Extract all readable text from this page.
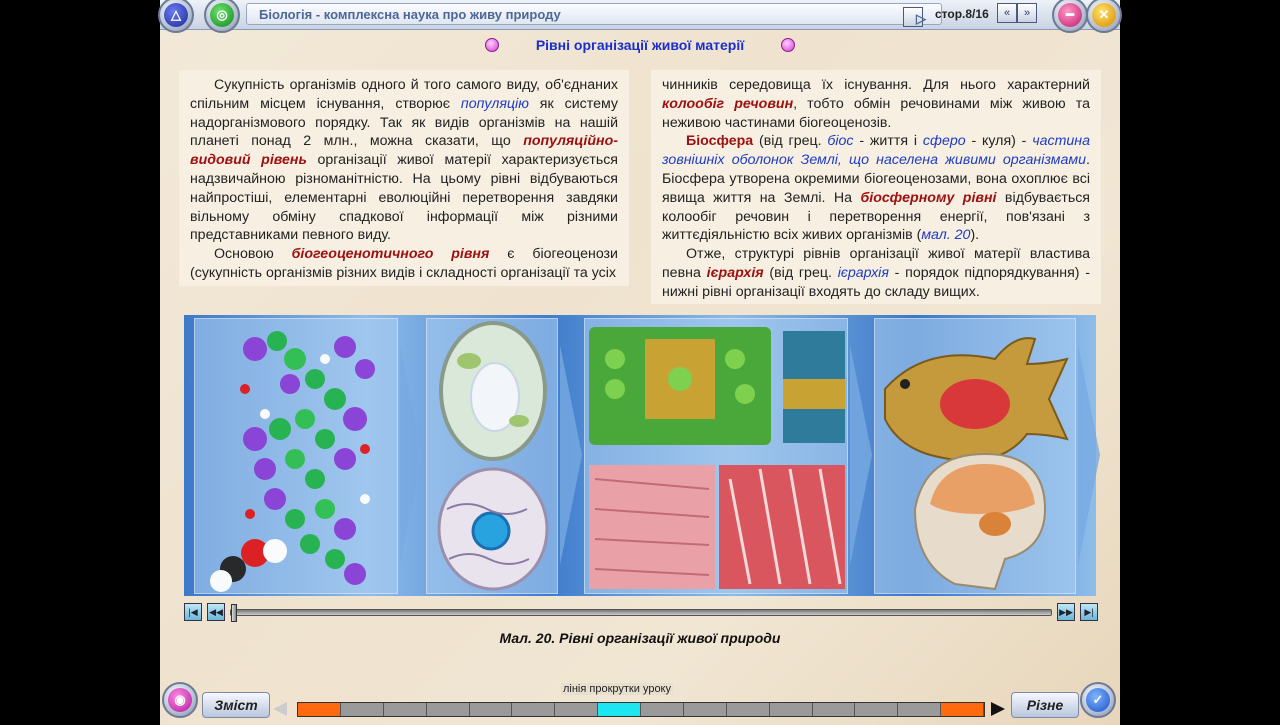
Біологія - комплексна наука про живу природу	▷ стор.8/16 « »
Рівні організації живої матерії

Сукупність організмів одного й того самого виду, об'єднаних спільним місцем існування, створює популяцію як систему надорганізмового порядку. Так як видів організмів на нашій планеті понад 2 млн., можна сказати, що популяційно-видовий рівень організації живої матерії характеризується надзвичайною різноманітністю. На цьому рівні відбуваються найпростіші, елементарні еволюційні перетворення завдяки вільному обміну спадкової інформації між різними представниками певного виду.

Основою біогеоценотичного рівня є біогеоценози (сукупність організмів різних видів і складності організації та усіх

чинників середовища їх існування. Для нього характерний колообіг речовин, тобто обмін речовинами між живою та неживою частинами біогеоценозів.

Біосфера (від грец. біос - життя і сферо - куля) - частина зовнішніх оболонок Землі, що населена живими організмами. Біосфера утворена окремими біогеоценозами, вона охоплює всі явища життя на Землі. На біосферному рівні відбувається колообіг речовин і перетворення енергії, пов'язані з життєдіяльністю всіх живих організмів (мал. 20).

Отже, структурі рівнів організації живої матерії властива певна ієрархія (від грец. ієрархія - порядок підпорядкування) - нижні рівні організації входять до складу вищих.

|◀ ◀◀	▶▶ ▶|
Мал. 20. Рівні організації живої природи
Зміст
лінія прокрутки уроку
Різне
△	◎	━	✕
◉	✓
